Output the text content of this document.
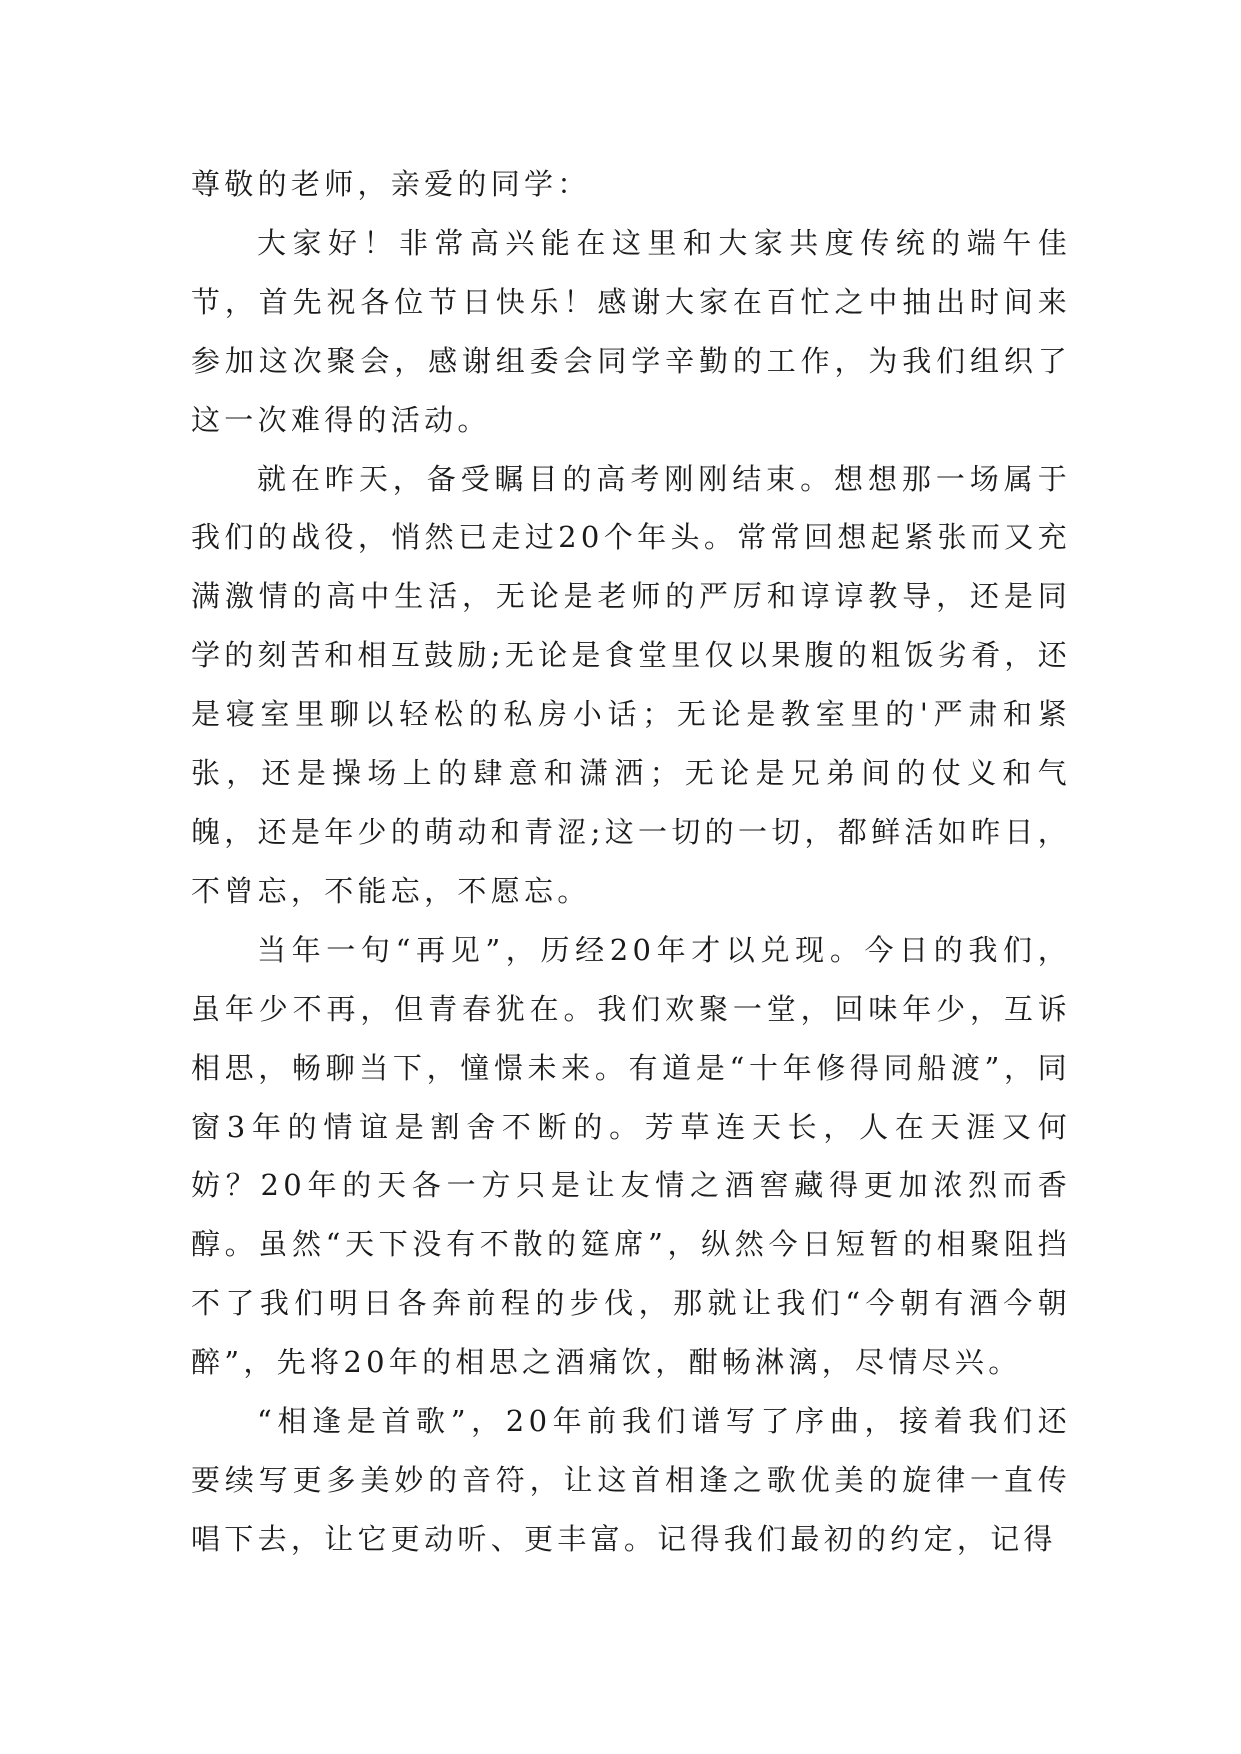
尊敬的老师，亲爱的同学：

大家好！非常高兴能在这里和大家共度传统的端午佳节，首先祝各位节日快乐！感谢大家在百忙之中抽出时间来参加这次聚会，感谢组委会同学辛勤的工作，为我们组织了这一次难得的活动。

就在昨天，备受瞩目的高考刚刚结束。想想那一场属于我们的战役，悄然已走过20个年头。常常回想起紧张而又充满激情的高中生活，无论是老师的严厉和谆谆教导，还是同学的刻苦和相互鼓励;无论是食堂里仅以果腹的粗饭劣肴，还是寝室里聊以轻松的私房小话；无论是教室里的'严肃和紧张，还是操场上的肆意和潇洒；无论是兄弟间的仗义和气魄，还是年少的萌动和青涩;这一切的一切，都鲜活如昨日，不曾忘，不能忘，不愿忘。

当年一句“再见”，历经20年才以兑现。今日的我们，虽年少不再，但青春犹在。我们欢聚一堂，回味年少，互诉相思，畅聊当下，憧憬未来。有道是“十年修得同船渡”，同窗3年的情谊是割舍不断的。芳草连天长，人在天涯又何妨？20年的天各一方只是让友情之酒窖藏得更加浓烈而香醇。虽然“天下没有不散的筵席”，纵然今日短暂的相聚阻挡不了我们明日各奔前程的步伐，那就让我们“今朝有酒今朝醉”，先将20年的相思之酒痛饮，酣畅淋漓，尽情尽兴。

“相逢是首歌”，20年前我们谱写了序曲，接着我们还要续写更多美妙的音符，让这首相逢之歌优美的旋律一直传唱下去，让它更动听、更丰富。记得我们最初的约定，记得
